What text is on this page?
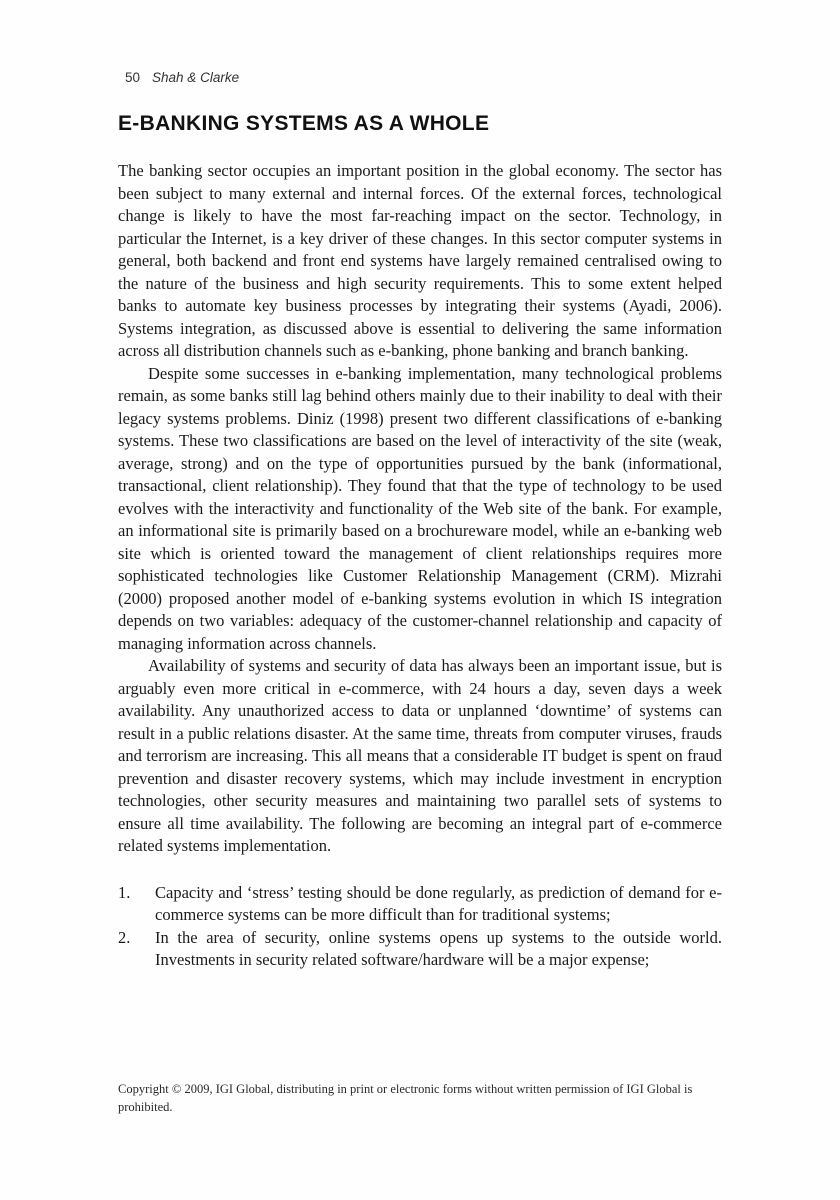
50 Shah & Clarke
E-BANKING SYSTEMS AS A WHOLE

The banking sector occupies an important position in the global economy. The sector has been subject to many external and internal forces. Of the external forces, technological change is likely to have the most far-reaching impact on the sector. Technology, in particular the Internet, is a key driver of these changes. In this sector computer systems in general, both backend and front end systems have largely remained centralised owing to the nature of the business and high security requirements. This to some extent helped banks to automate key business processes by integrating their systems (Ayadi, 2006). Systems integration, as discussed above is essential to delivering the same information across all distribution channels such as e-banking, phone banking and branch banking.

Despite some successes in e-banking implementation, many technological problems remain, as some banks still lag behind others mainly due to their inability to deal with their legacy systems problems. Diniz (1998) present two different classifications of e-banking systems. These two classifications are based on the level of interactivity of the site (weak, average, strong) and on the type of opportunities pursued by the bank (informational, transactional, client relationship). They found that that the type of technology to be used evolves with the interactivity and functionality of the Web site of the bank. For example, an informational site is primarily based on a brochureware model, while an e-banking web site which is oriented toward the management of client relationships requires more sophisticated technologies like Customer Relationship Management (CRM). Mizrahi (2000) proposed another model of e-banking systems evolution in which IS integration depends on two variables: adequacy of the customer-channel relationship and capacity of managing information across channels.

Availability of systems and security of data has always been an important issue, but is arguably even more critical in e-commerce, with 24 hours a day, seven days a week availability. Any unauthorized access to data or unplanned ‘downtime’ of systems can result in a public relations disaster. At the same time, threats from computer viruses, frauds and terrorism are increasing. This all means that a considerable IT budget is spent on fraud prevention and disaster recovery systems, which may include investment in encryption technologies, other security measures and maintaining two parallel sets of systems to ensure all time availability. The following are becoming an integral part of e-commerce related systems implementation.

1.	Capacity and ‘stress’ testing should be done regularly, as prediction of demand for e-commerce systems can be more difficult than for traditional systems;
2.	In the area of security, online systems opens up systems to the outside world. Investments in security related software/hardware will be a major expense;
Copyright © 2009, IGI Global, distributing in print or electronic forms without written permission of IGI Global is prohibited.
